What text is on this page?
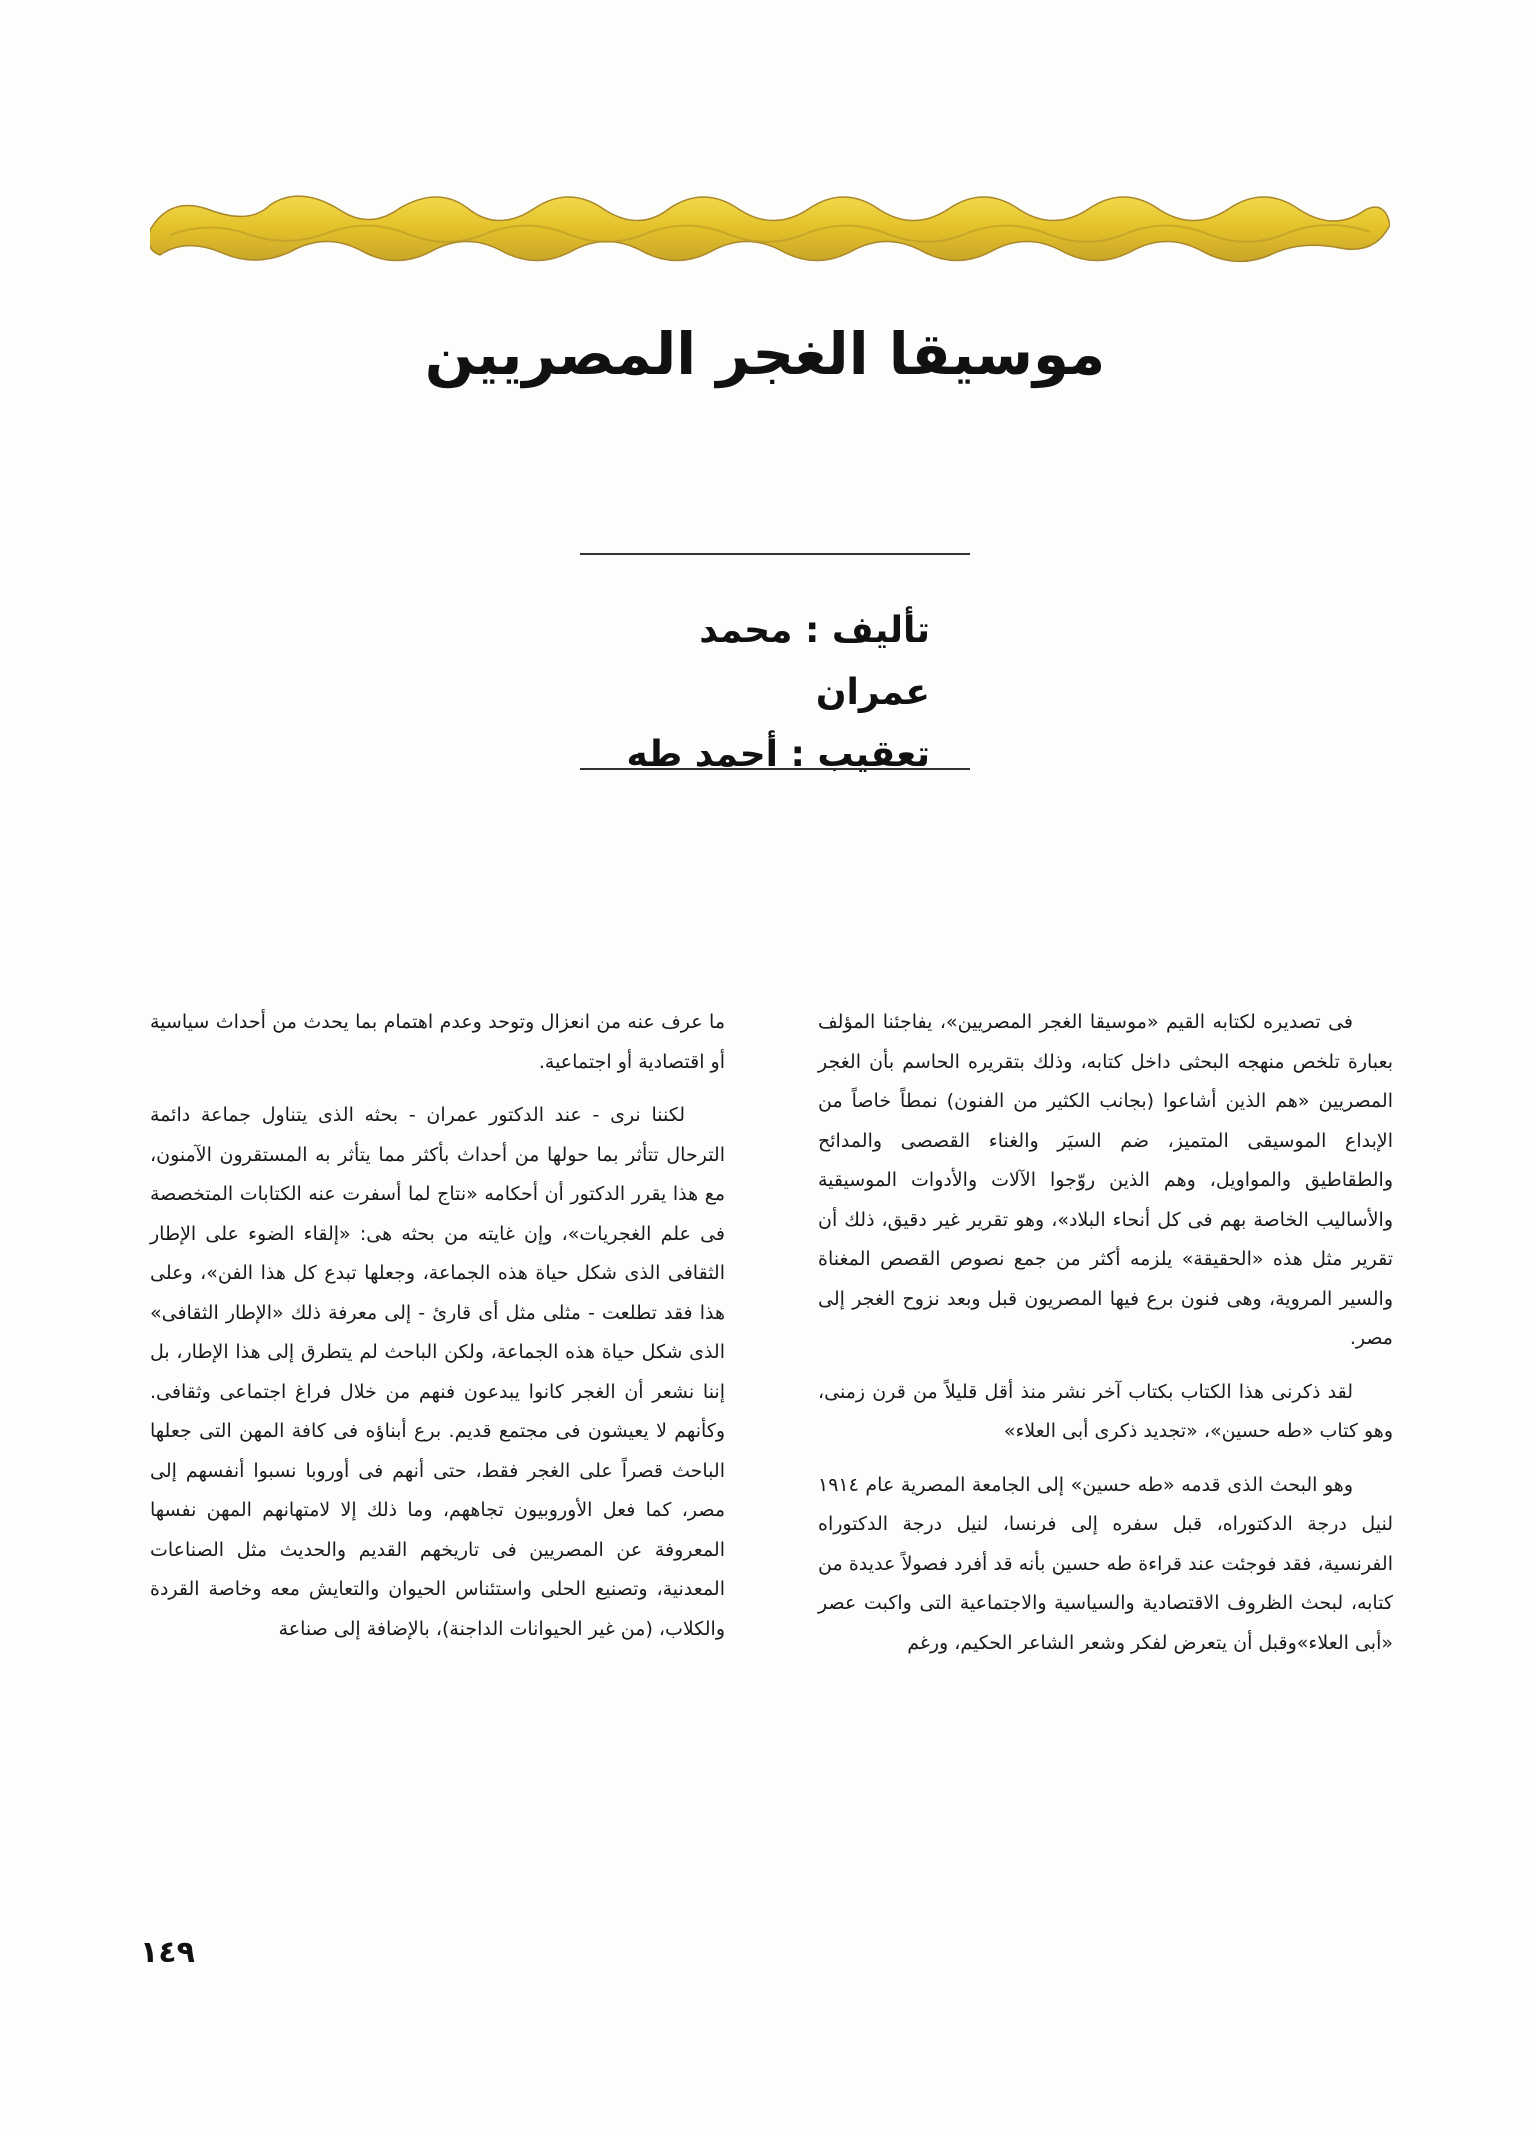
موسيقا الغجر المصريين
تأليف : محمد عمران
تعقيب : أحمد طه

فى تصديره لكتابه القيم «موسيقا الغجر المصريين»، يفاجئنا المؤلف بعبارة تلخص منهجه البحثى داخل كتابه، وذلك بتقريره الحاسم بأن الغجر المصريين «هم الذين أشاعوا (بجانب الكثير من الفنون) نمطاً خاصاً من الإبداع الموسيقى المتميز، ضم السيَر والغناء القصصى والمدائح والطقاطيق والمواويل، وهم الذين روّجوا الآلات والأدوات الموسيقية والأساليب الخاصة بهم فى كل أنحاء البلاد»، وهو تقرير غير دقيق، ذلك أن تقرير مثل هذه «الحقيقة» يلزمه أكثر من جمع نصوص القصص المغناة والسير المروية، وهى فنون برع فيها المصريون قبل وبعد نزوح الغجر إلى مصر.

لقد ذكرنى هذا الكتاب بكتاب آخر نشر منذ أقل قليلاً من قرن زمنى، وهو كتاب «طه حسين»، «تجديد ذكرى أبى العلاء»

وهو البحث الذى قدمه «طه حسين» إلى الجامعة المصرية عام ١٩١٤ لنيل درجة الدكتوراه، قبل سفره إلى فرنسا، لنيل درجة الدكتوراه الفرنسية، فقد فوجئت عند قراءة طه حسين بأنه قد أفرد فصولاً عديدة من كتابه، لبحث الظروف الاقتصادية والسياسية والاجتماعية التى واكبت عصر «أبى العلاء»وقبل أن يتعرض لفكر وشعر الشاعر الحكيم، ورغم

ما عرف عنه من انعزال وتوحد وعدم اهتمام بما يحدث من أحداث سياسية أو اقتصادية أو اجتماعية.

لكننا نرى - عند الدكتور عمران - بحثه الذى يتناول جماعة دائمة الترحال تتأثر بما حولها من أحداث بأكثر مما يتأثر به المستقرون الآمنون، مع هذا يقرر الدكتور أن أحكامه «نتاج لما أسفرت عنه الكتابات المتخصصة فى علم الغجريات»، وإن غايته من بحثه هى: «إلقاء الضوء على الإطار الثقافى الذى شكل حياة هذه الجماعة، وجعلها تبدع كل هذا الفن»، وعلى هذا فقد تطلعت - مثلى مثل أى قارئ - إلى معرفة ذلك «الإطار الثقافى» الذى شكل حياة هذه الجماعة، ولكن الباحث لم يتطرق إلى هذا الإطار، بل إننا نشعر أن الغجر كانوا يبدعون فنهم من خلال فراغ اجتماعى وثقافى. وكأنهم لا يعيشون فى مجتمع قديم. برع أبناؤه فى كافة المهن التى جعلها الباحث قصراً على الغجر فقط، حتى أنهم فى أوروبا نسبوا أنفسهم إلى مصر، كما فعل الأوروبيون تجاههم، وما ذلك إلا لامتهانهم المهن نفسها المعروفة عن المصريين فى تاريخهم القديم والحديث مثل الصناعات المعدنية، وتصنيع الحلى واستئناس الحيوان والتعايش معه وخاصة القردة والكلاب، (من غير الحيوانات الداجنة)، بالإضافة إلى صناعة

١٤٩
